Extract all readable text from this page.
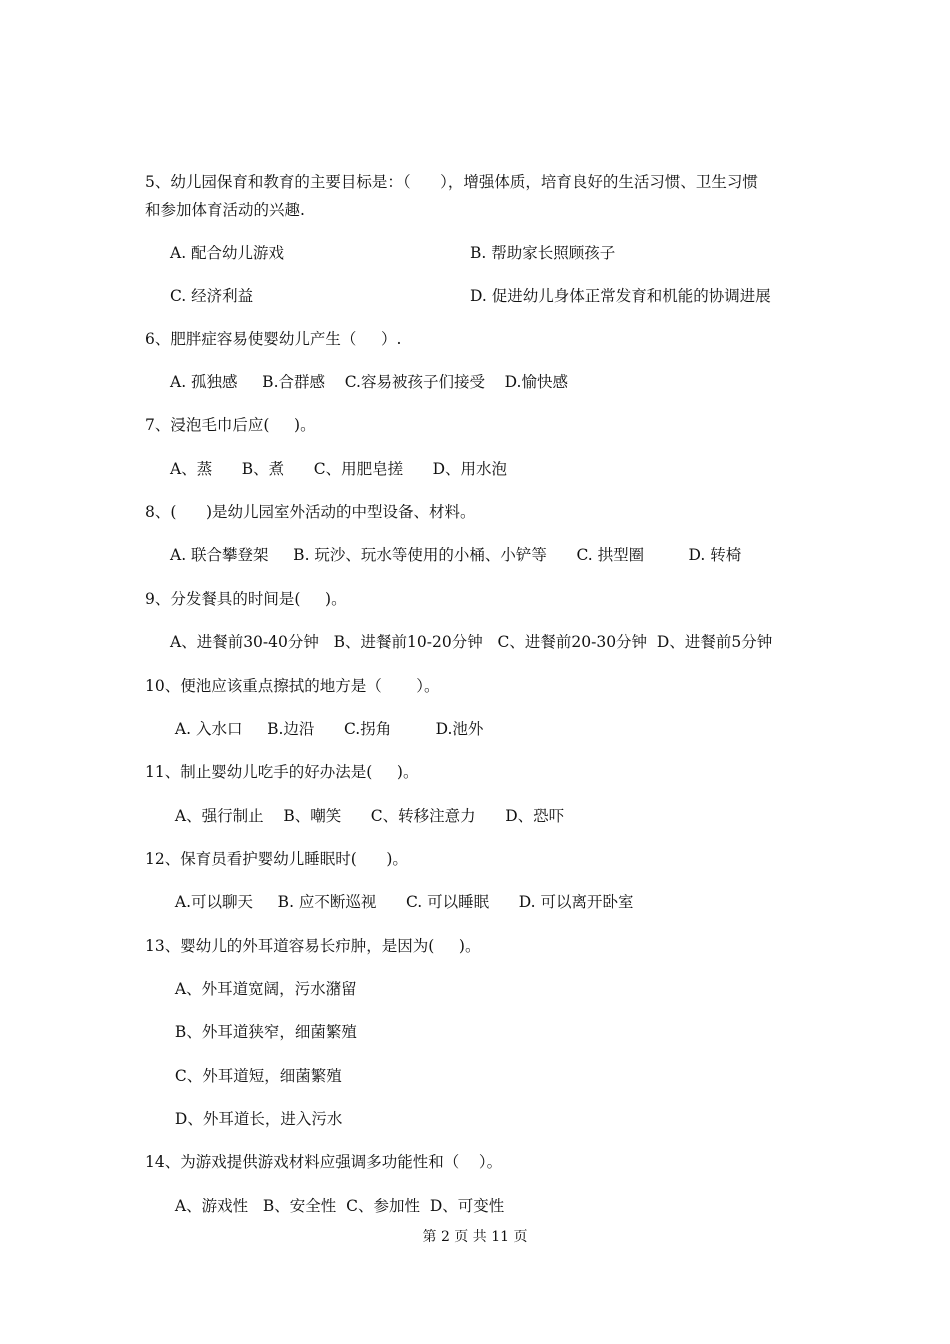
5、幼儿园保育和教育的主要目标是：（      ），增强体质，培育良好的生活习惯、卫生习惯
和参加体育活动的兴趣.
A. 配合幼儿游戏	B. 帮助家长照顾孩子
C. 经济利益	D. 促进幼儿身体正常发育和机能的协调进展
6、肥胖症容易使婴幼儿产生（     ）.
A. 孤独感     B.合群感    C.容易被孩子们接受    D.愉快感
7、浸泡毛巾后应(     )。
A、蒸      B、煮      C、用肥皂搓      D、用水泡
8、(      )是幼儿园室外活动的中型设备、材料。
A. 联合攀登架     B. 玩沙、玩水等使用的小桶、小铲等      C. 拱型圈         D. 转椅
9、分发餐具的时间是(     )。
A、进餐前30-40分钟   B、进餐前10-20分钟   C、进餐前20-30分钟  D、进餐前5分钟
10、便池应该重点擦拭的地方是（       ）。
A. 入水口     B.边沿      C.拐角         D.池外
11、制止婴幼儿吃手的好办法是(     )。
A、强行制止    B、嘲笑      C、转移注意力      D、恐吓
12、保育员看护婴幼儿睡眠时(      )。
A.可以聊天     B. 应不断巡视      C. 可以睡眠      D. 可以离开卧室
13、婴幼儿的外耳道容易长疖肿，是因为(     )。
A、外耳道宽阔，污水潴留
B、外耳道狭窄，细菌繁殖
C、外耳道短，细菌繁殖
D、外耳道长，进入污水
14、为游戏提供游戏材料应强调多功能性和（    ）。
A、游戏性   B、安全性  C、参加性  D、可变性
第 2 页 共 11 页
